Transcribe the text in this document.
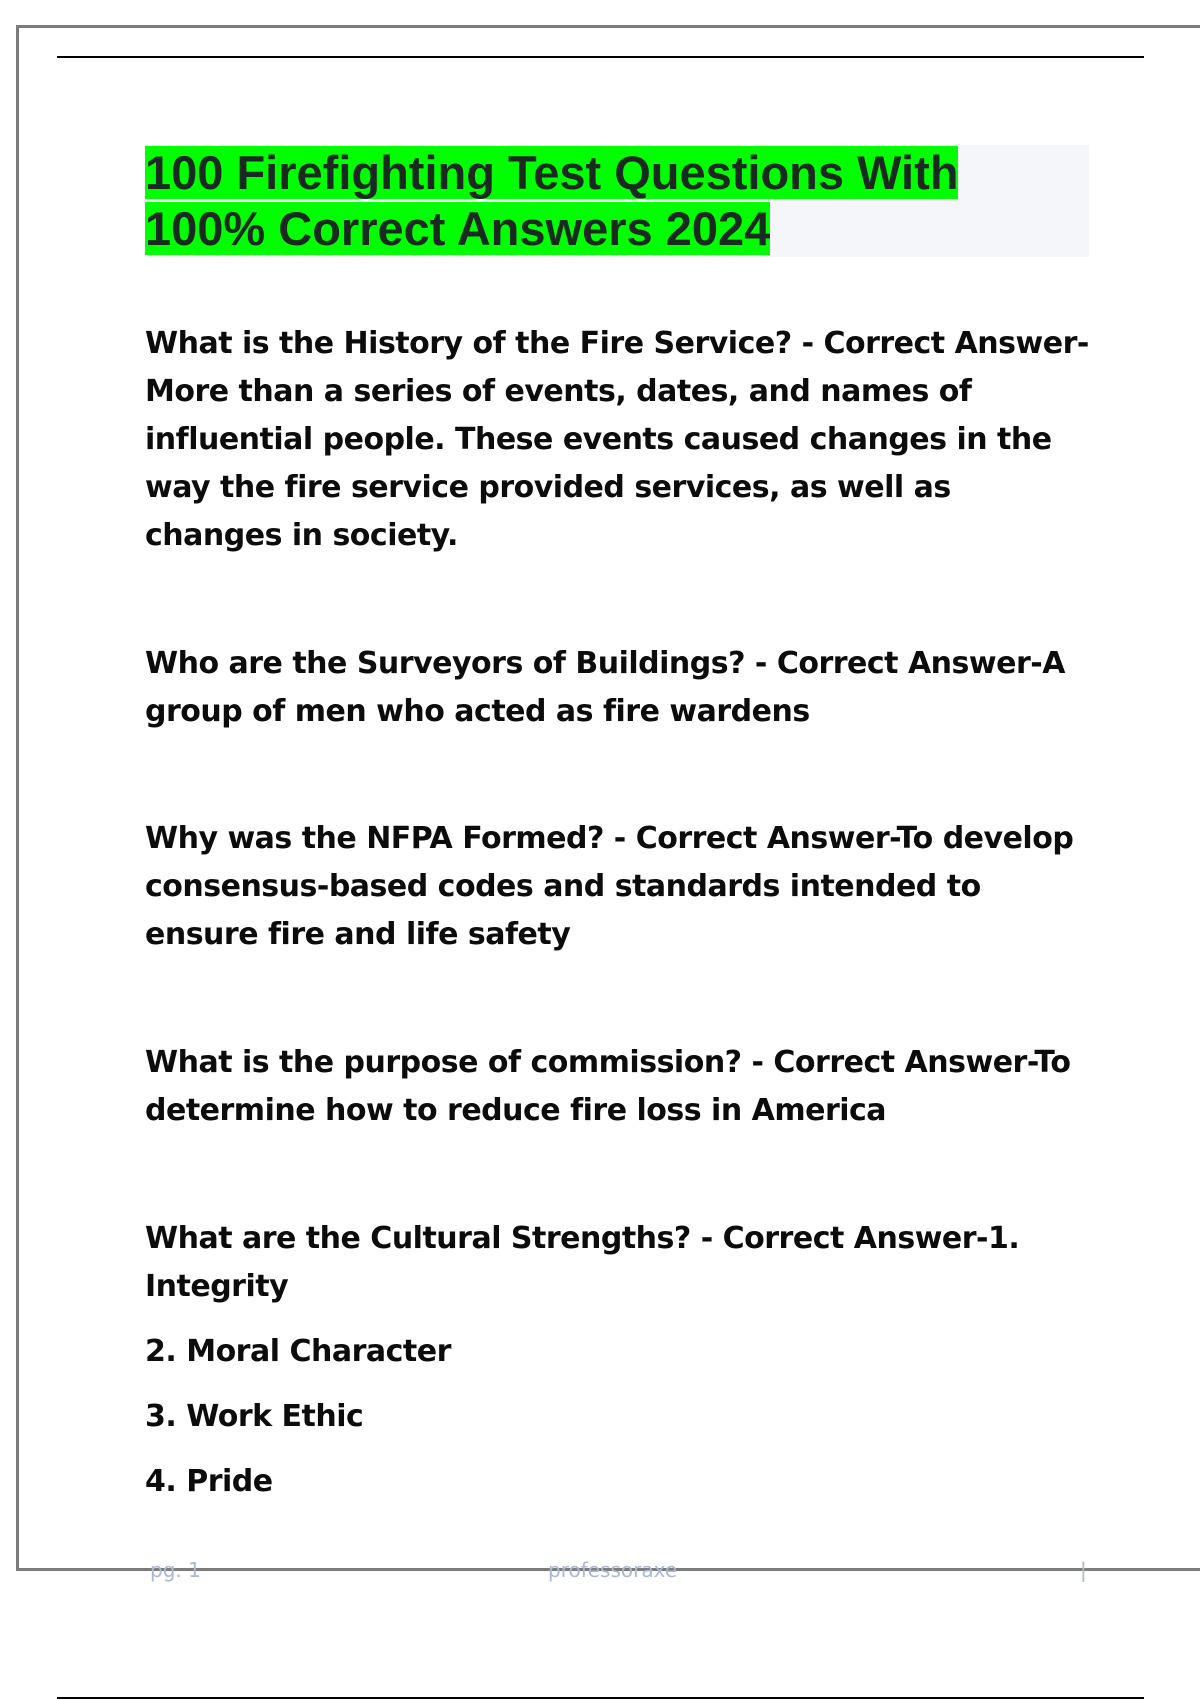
100 Firefighting Test Questions With
100% Correct Answers 2024

What is the History of the Fire Service? - Correct Answer-More than a series of events, dates, and names of influential people. These events caused changes in the way the fire service provided services, as well as changes in society.

Who are the Surveyors of Buildings? - Correct Answer-A group of men who acted as fire wardens

Why was the NFPA Formed? - Correct Answer-To develop consensus-based codes and standards intended to ensure fire and life safety

What is the purpose of commission? - Correct Answer-To determine how to reduce fire loss in America

What are the Cultural Strengths? - Correct Answer-1. Integrity

2. Moral Character

3. Work Ethic

4. Pride

pg. 1	professoraxe	|
